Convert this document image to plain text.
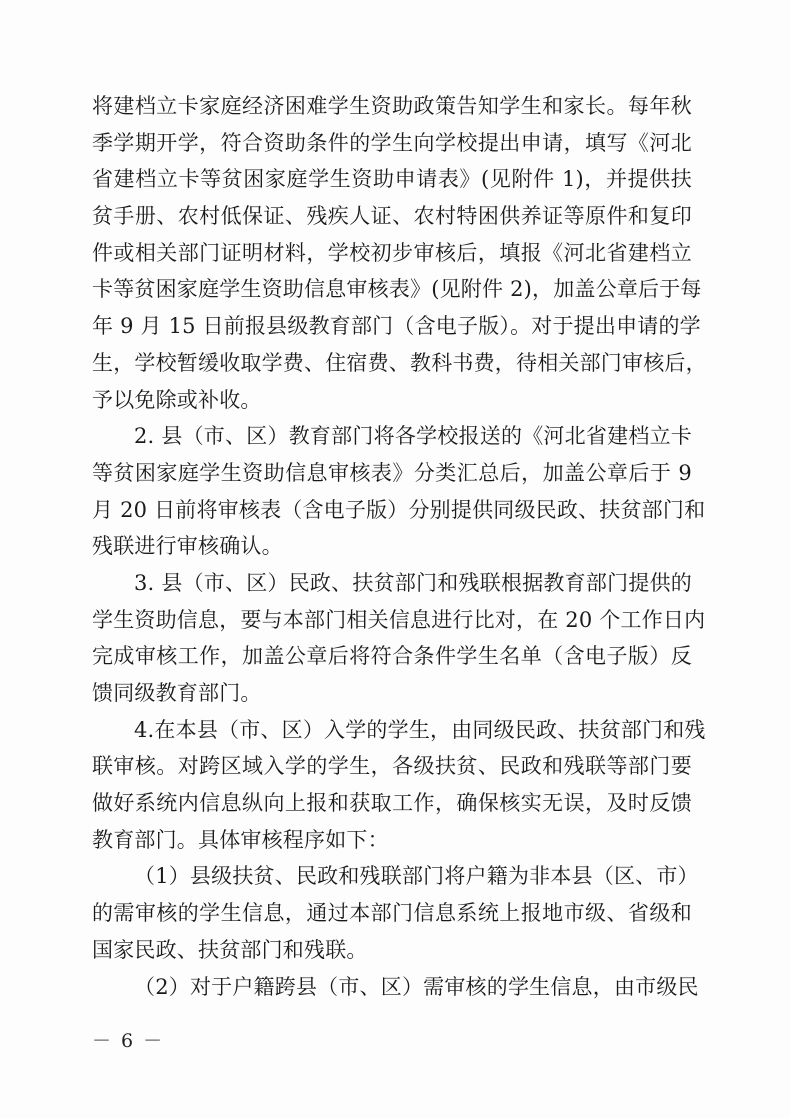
将建档立卡家庭经济困难学生资助政策告知学生和家长。每年秋
季学期开学，符合资助条件的学生向学校提出申请，填写《河北
省建档立卡等贫困家庭学生资助申请表》(见附件 1)，并提供扶
贫手册、农村低保证、残疾人证、农村特困供养证等原件和复印
件或相关部门证明材料，学校初步审核后，填报《河北省建档立
卡等贫困家庭学生资助信息审核表》(见附件 2)，加盖公章后于每
年 9 月 15 日前报县级教育部门（含电子版）。对于提出申请的学
生，学校暂缓收取学费、住宿费、教科书费，待相关部门审核后，
予以免除或补收。
2. 县（市、区）教育部门将各学校报送的《河北省建档立卡
等贫困家庭学生资助信息审核表》分类汇总后，加盖公章后于 9
月 20 日前将审核表（含电子版）分别提供同级民政、扶贫部门和
残联进行审核确认。
3. 县（市、区）民政、扶贫部门和残联根据教育部门提供的
学生资助信息，要与本部门相关信息进行比对，在 20 个工作日内
完成审核工作，加盖公章后将符合条件学生名单（含电子版）反
馈同级教育部门。
4.在本县（市、区）入学的学生，由同级民政、扶贫部门和残
联审核。对跨区域入学的学生，各级扶贫、民政和残联等部门要
做好系统内信息纵向上报和获取工作，确保核实无误，及时反馈
教育部门。具体审核程序如下：
（1）县级扶贫、民政和残联部门将户籍为非本县（区、市）
的需审核的学生信息，通过本部门信息系统上报地市级、省级和
国家民政、扶贫部门和残联。
（2）对于户籍跨县（市、区）需审核的学生信息，由市级民
－ 6 －
